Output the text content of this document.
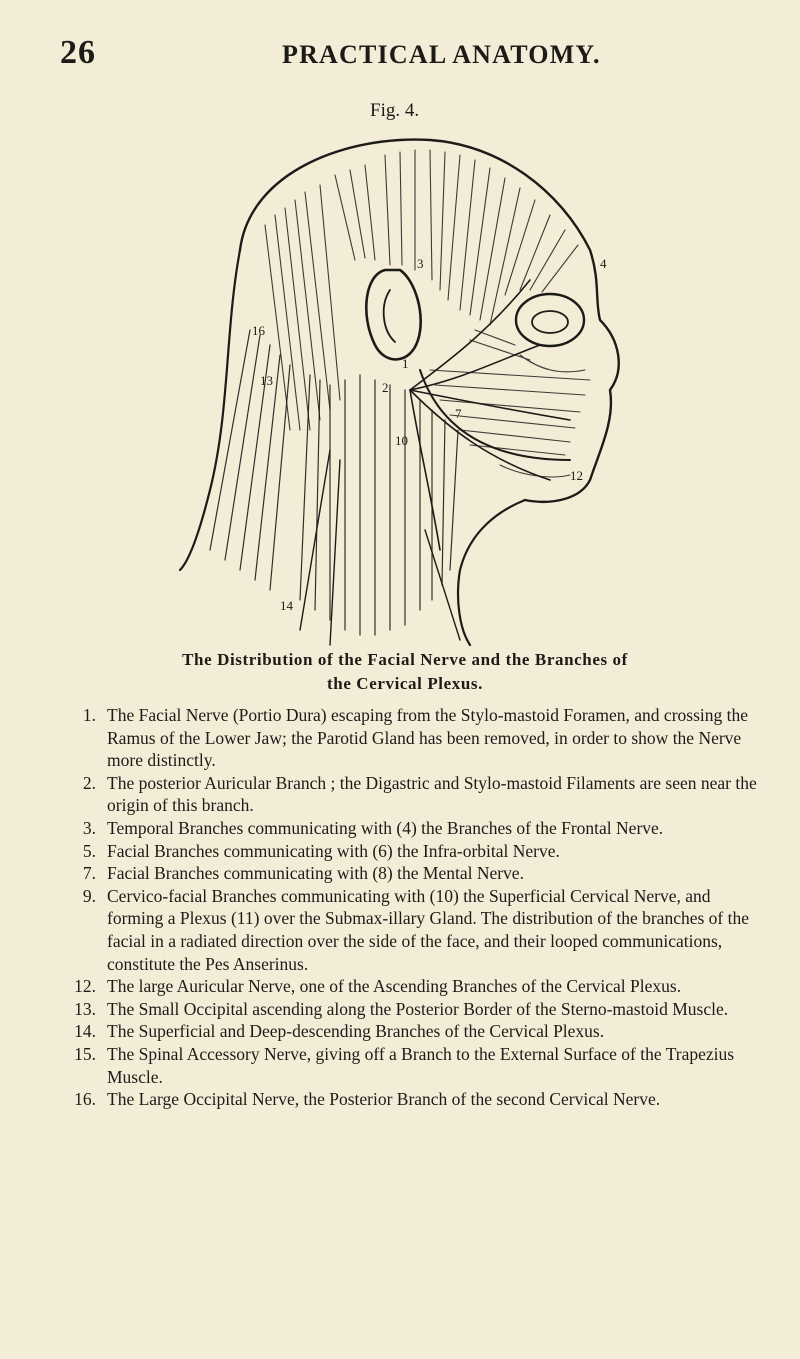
26	PRACTICAL ANATOMY.
Fig. 4.
16
1
2
3	4
7
10
13
14
12
The Distribution of the Facial Nerve and the Branches of
the Cervical Plexus.
1. The Facial Nerve (Portio Dura) escaping from the Stylo-mastoid Foramen, and crossing the Ramus of the Lower Jaw; the Parotid Gland has been removed, in order to show the Nerve more distinctly.
2. The posterior Auricular Branch ; the Digastric and Stylo-mastoid Filaments are seen near the origin of this branch.
3. Temporal Branches communicating with (4) the Branches of the Frontal Nerve.
5. Facial Branches communicating with (6) the Infra-orbital Nerve.
7. Facial Branches communicating with (8) the Mental Nerve.
9. Cervico-facial Branches communicating with (10) the Superficial Cervical Nerve, and forming a Plexus (11) over the Submax-illary Gland. The distribution of the branches of the facial in a radiated direction over the side of the face, and their looped communications, constitute the Pes Anserinus.
12. The large Auricular Nerve, one of the Ascending Branches of the Cervical Plexus.
13. The Small Occipital ascending along the Posterior Border of the Sterno-mastoid Muscle.
14. The Superficial and Deep-descending Branches of the Cervical Plexus.
15. The Spinal Accessory Nerve, giving off a Branch to the External Surface of the Trapezius Muscle.
16. The Large Occipital Nerve, the Posterior Branch of the second Cervical Nerve.
